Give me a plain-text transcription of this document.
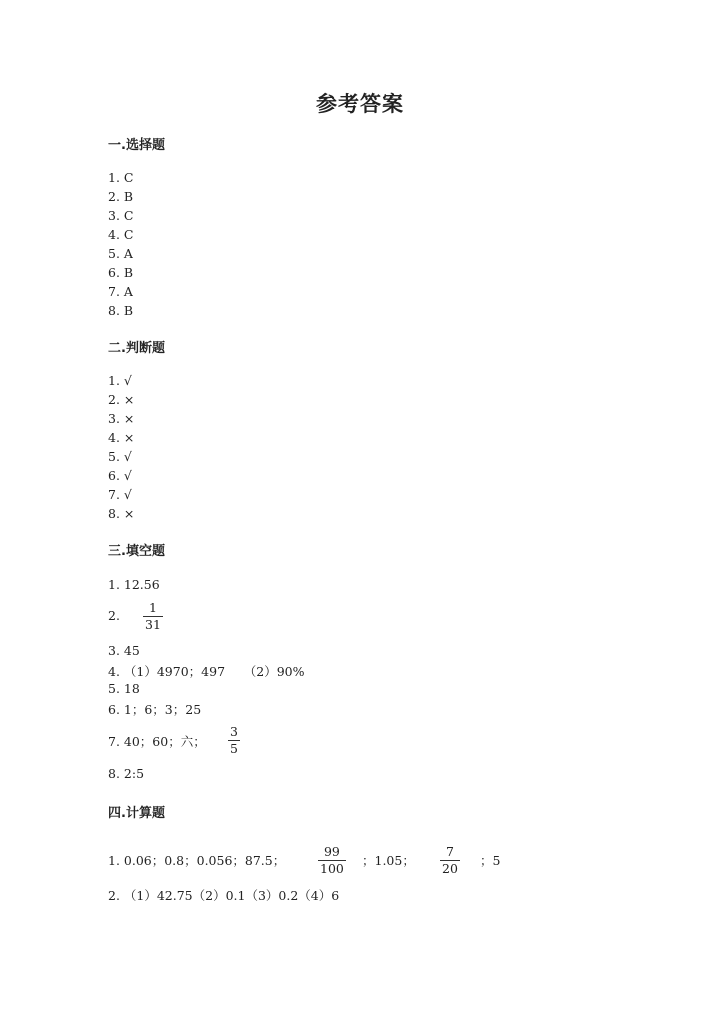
参考答案
一.选择题
1. C
2. B
3. C
4. C
5. A
6. B
7. A
8. B
二.判断题
1. √
2. ×
3. ×
4. ×
5. √
6. √
7. √
8. ×
三.填空题
1. 12.56
2.
1
31
3. 45
4. （1）4970；497　　（2）90%
5. 18
6. 1；6；3；25
7. 40；60；六；
3
5
8. 2:5
四.计算题
1. 0.06；0.8；0.056；87.5；
99
100
；1.05；
7
20
；5
2. （1）42.75（2）0.1（3）0.2（4）6
